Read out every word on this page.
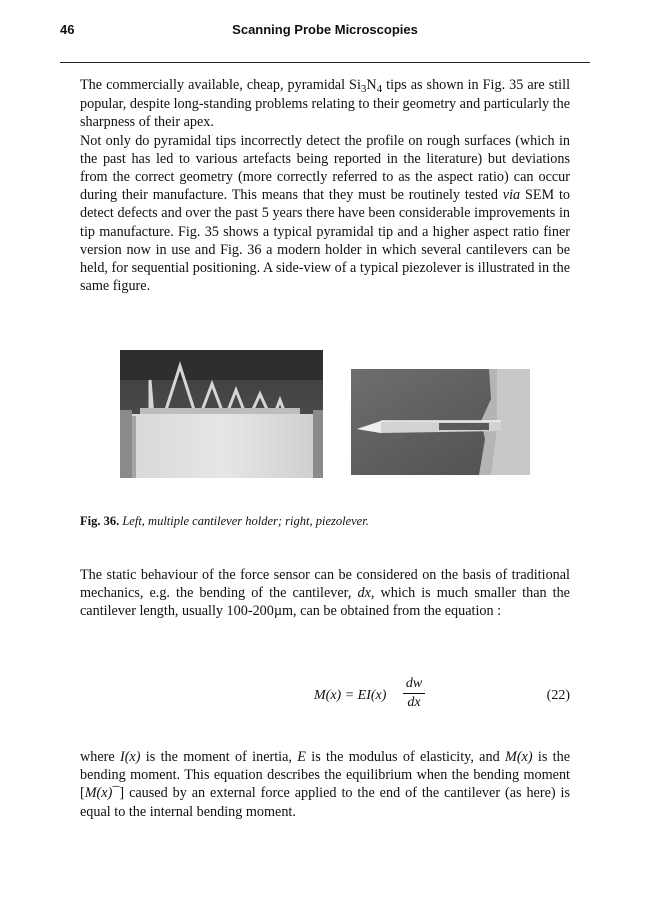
46	Scanning Probe Microscopies

The commercially available, cheap, pyramidal $Si_3N_4$ tips as shown in Fig. 35 are still popular, despite long-standing problems relating to their geometry and particularly the sharpness of their apex.
Not only do pyramidal tips incorrectly detect the profile on rough surfaces (which in the past has led to various artefacts being reported in the literature) but deviations from the correct geometry (more correctly referred to as the aspect ratio) can occur during their manufacture. This means that they must be routinely tested via SEM to detect defects and over the past 5 years there have been considerable improvements in tip manufacture. Fig. 35 shows a typical pyramidal tip and a higher aspect ratio finer version now in use and Fig. 36 a modern holder in which several cantilevers can be held, for sequential positioning. A side-view of a typical piezolever is illustrated in the same figure.

Fig. 36. Left, multiple cantilever holder; right, piezolever.

The static behaviour of the force sensor can be considered on the basis of traditional mechanics, e.g. the bending of the cantilever, dx, which is much smaller than the cantilever length, usually 100-200µm, can be obtained from the equation :

M(x) = EI(x)
dw
dx	(22)

where I(x) is the moment of inertia, E is the modulus of elasticity, and M(x) is the bending moment. This equation describes the equilibrium when the bending moment [M(x)¯] caused by an external force applied to the end of the cantilever (as here) is equal to the internal bending moment.
